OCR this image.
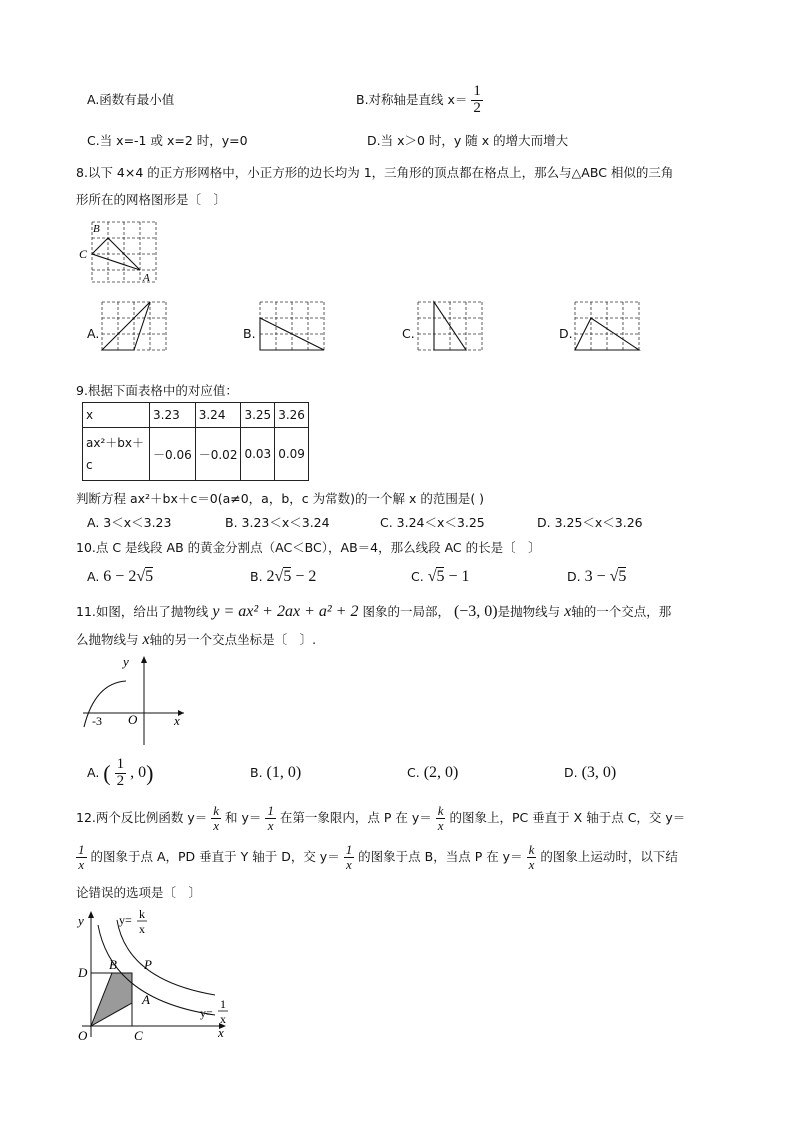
A.函数有最小值	B.对称轴是直线 $x= \frac{1}{2}$
C.当 x=-1 或 x=2 时，y=0	D.当 x＞0 时，y 随 x 的增大而增大
8.以下 4×4 的正方形网格中，小正方形的边长均为 1，三角形的顶点都在格点上，那么与△ABC 相似的三角
形所在的网格图形是〔　〕
B
C
A
A.	B.	C.	D.
9.根据下面表格中的对应值：
x	3.23	3.24	3.25	3.26

ax²＋bx＋
c	－0.06	－0.02	0.03	0.09
判断方程 ax²＋bx＋c＝0(a≠0，a，b，c 为常数)的一个解 x 的范围是( )
A. 3＜x＜3.23	B. 3.23＜x＜3.24	C. 3.24＜x＜3.25	D. 3.25＜x＜3.26
10.点 C 是线段 AB 的黄金分割点（AC＜BC），AB＝4，那么线段 AC 的长是〔　〕
A. 6 − 2√5	B. 2√5 − 2	C. √5 − 1	D. 3 − √5
11.如图，给出了抛物线 y = ax² + 2ax + a² + 2 图象的一局部， (−3, 0)是抛物线与 x轴的一个交点，那
么抛物线与 x轴的另一个交点坐标是〔　〕.
y
x
O
-3
A. ( $\frac{1}{2}$ , 0)	B. (1, 0)	C. (2, 0)	D. (3, 0)
12.两个反比例函数 $y= \frac{k}{x}$ 和 $y= \frac{1}{x}$ 在第一象限内，点 P 在 $y= \frac{k}{x}$ 的图象上，PC 垂直于 X 轴于点 C，交 y＝
$\frac{1}{x}$ 的图象于点 A，PD 垂直于 Y 轴于 D，交 $y= \frac{1}{x}$ 的图象于点 B，当点 P 在 $y= \frac{k}{x}$ 的图象上运动时，以下结
论错误的选项是〔　〕
y
x
O
D
B P
A
C
y= k
x
y=
1
x
